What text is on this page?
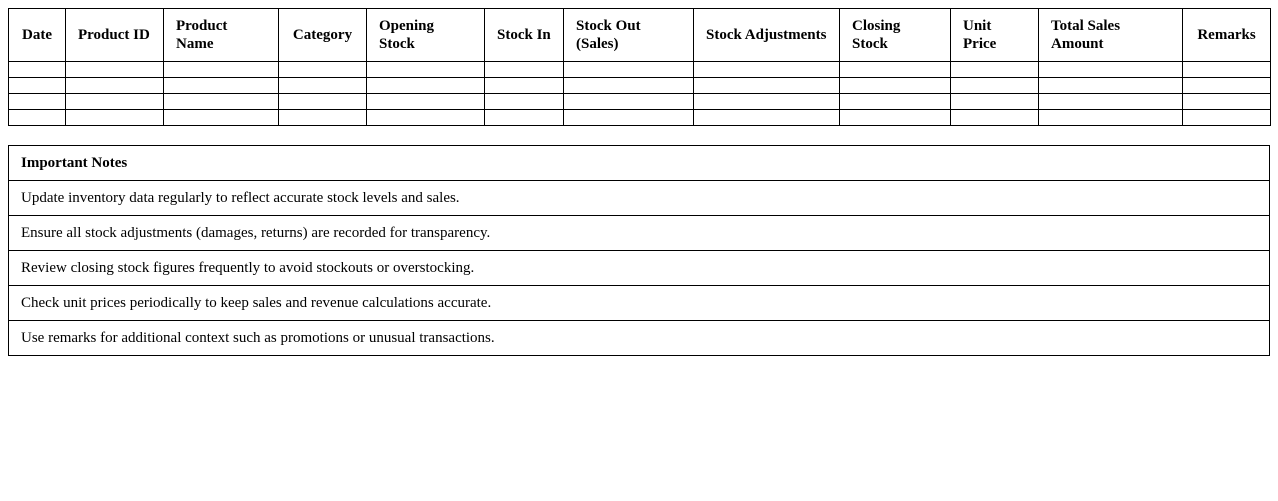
Date	Product ID	Product Name	Category	Opening Stock	Stock In	Stock Out (Sales)	Stock Adjustments	Closing Stock	Unit Price	Total Sales Amount	Remarks

Important Notes
Update inventory data regularly to reflect accurate stock levels and sales.
Ensure all stock adjustments (damages, returns) are recorded for transparency.
Review closing stock figures frequently to avoid stockouts or overstocking.
Check unit prices periodically to keep sales and revenue calculations accurate.
Use remarks for additional context such as promotions or unusual transactions.
